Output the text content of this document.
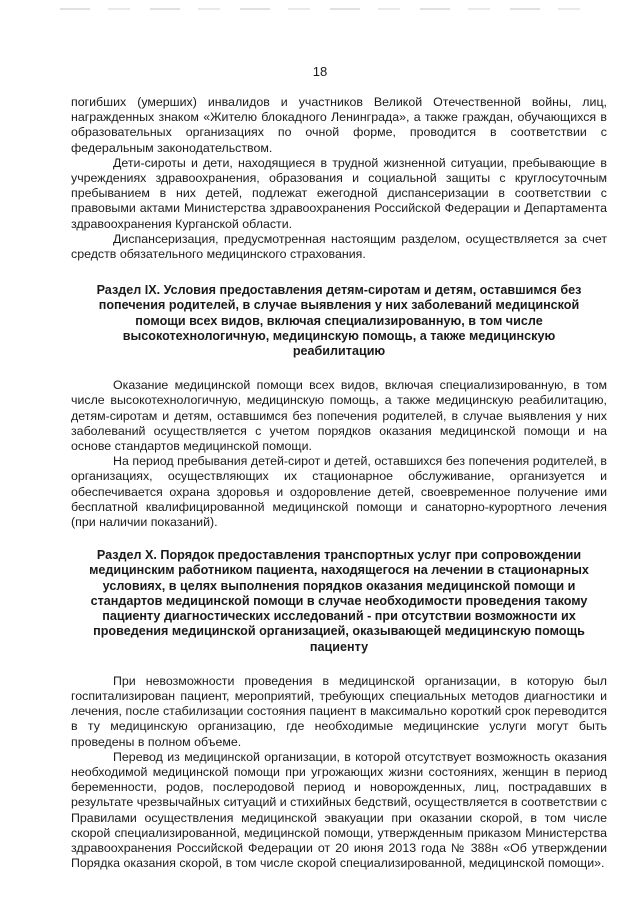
18

погибших (умерших) инвалидов и участников Великой Отечественной войны, лиц, награжденных знаком «Жителю блокадного Ленинграда», а также граждан, обучающихся в образовательных организациях по очной форме, проводится в соответствии с федеральным законодательством.

Дети-сироты и дети, находящиеся в трудной жизненной ситуации, пребывающие в учреждениях здравоохранения, образования и социальной защиты с круглосуточным пребыванием в них детей, подлежат ежегодной диспансеризации в соответствии с правовыми актами Министерства здравоохранения Российской Федерации и Департамента здравоохранения Курганской области.

Диспансеризация, предусмотренная настоящим разделом, осуществляется за счет средств обязательного медицинского страхования.

Раздел IX. Условия предоставления детям-сиротам и детям, оставшимся без попечения родителей, в случае выявления у них заболеваний медицинской помощи всех видов, включая специализированную, в том числе высокотехнологичную, медицинскую помощь, а также медицинскую реабилитацию

Оказание медицинской помощи всех видов, включая специализированную, в том числе высокотехнологичную, медицинскую помощь, а также медицинскую реабилитацию, детям-сиротам и детям, оставшимся без попечения родителей, в случае выявления у них заболеваний осуществляется с учетом порядков оказания медицинской помощи и на основе стандартов медицинской помощи.

На период пребывания детей-сирот и детей, оставшихся без попечения родителей, в организациях, осуществляющих их стационарное обслуживание, организуется и обеспечивается охрана здоровья и оздоровление детей, своевременное получение ими бесплатной квалифицированной медицинской помощи и санаторно-курортного лечения (при наличии показаний).

Раздел X. Порядок предоставления транспортных услуг при сопровождении медицинским работником пациента, находящегося на лечении в стационарных условиях, в целях выполнения порядков оказания медицинской помощи и стандартов медицинской помощи в случае необходимости проведения такому пациенту диагностических исследований - при отсутствии возможности их проведения медицинской организацией, оказывающей медицинскую помощь пациенту

При невозможности проведения в медицинской организации, в которую был госпитализирован пациент, мероприятий, требующих специальных методов диагностики и лечения, после стабилизации состояния пациент в максимально короткий срок переводится в ту медицинскую организацию, где необходимые медицинские услуги могут быть проведены в полном объеме.

Перевод из медицинской организации, в которой отсутствует возможность оказания необходимой медицинской помощи при угрожающих жизни состояниях, женщин в период беременности, родов, послеродовой период и новорожденных, лиц, пострадавших в результате чрезвычайных ситуаций и стихийных бедствий, осуществляется в соответствии с Правилами осуществления медицинской эвакуации при оказании скорой, в том числе скорой специализированной, медицинской помощи, утвержденным приказом Министерства здравоохранения Российской Федерации от 20 июня 2013 года № 388н «Об утверждении Порядка оказания скорой, в том числе скорой специализированной, медицинской помощи».
